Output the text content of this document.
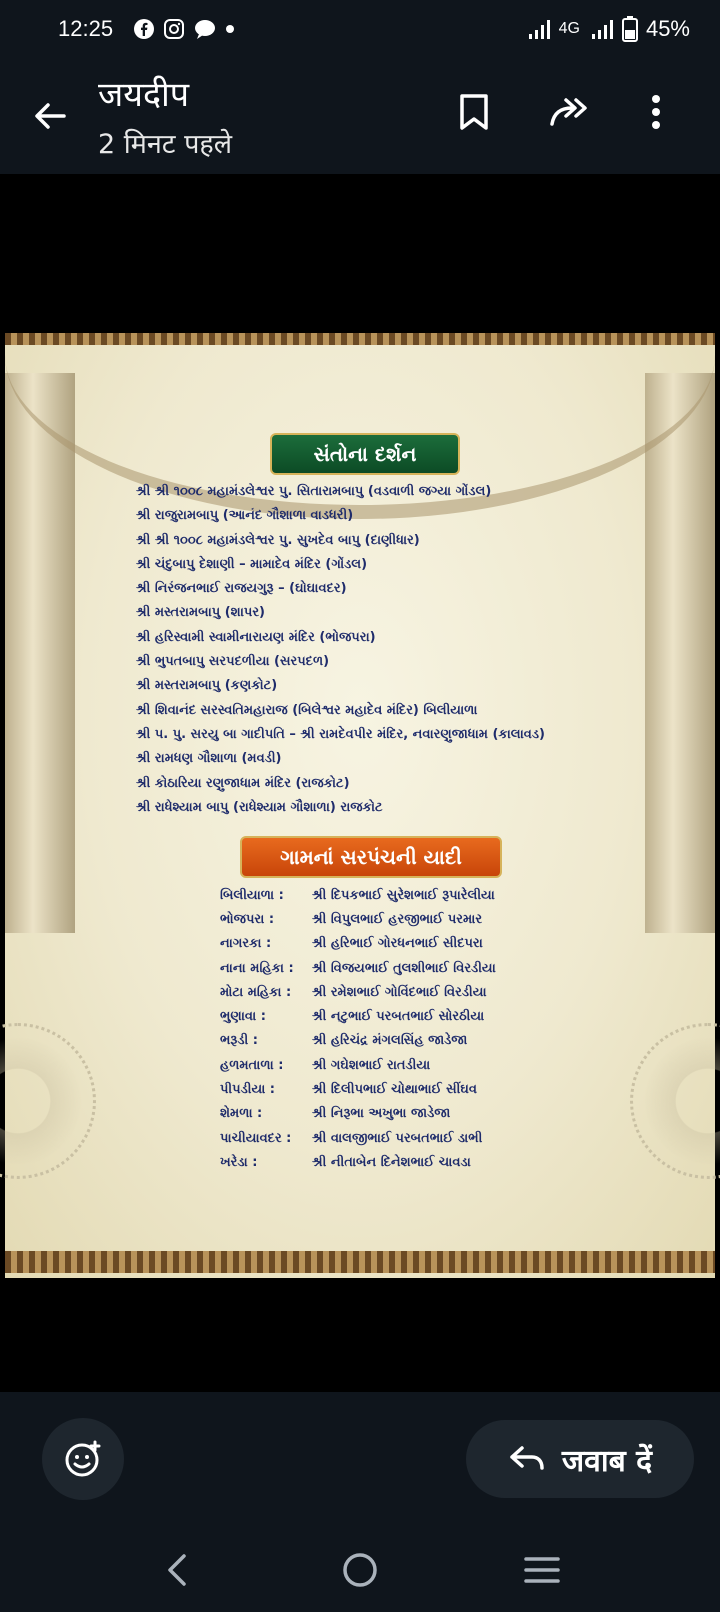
12:25	4G	45%
जयदीप
2 मिनट पहले
સંતોના દર્શન
શ્રી શ્રી ૧૦૦૮ મહામંડલેશ્વર પુ. સિતારામબાપુ (વડવાળી જગ્યા ગોંડલ)
શ્રી રાજુરામબાપુ (આનંદ ગૌશાળા વાડધરી)
શ્રી શ્રી ૧૦૦૮ મહામંડલેશ્વર પુ. સુખદેવ બાપુ (દાણીધાર)
શ્રી ચંદુબાપુ દેશાણી – મામાદેવ મંદિર (ગોંડલ)
શ્રી નિરંજનભાઈ રાજયગુરૂ – (ઘોઘાવદર)
શ્રી મસ્તરામબાપુ (શાપર)
શ્રી હરિસ્વામી સ્વામીનારાયણ મંદિર (ભોજપરા)
શ્રી ભુપતબાપુ સરપદળીયા (સરપદળ)
શ્રી મસ્તરામબાપુ (કણકોટ)
શ્રી શિવાનંદ સરસ્વતિમહારાજ (બિલેશ્વર મહાદેવ મંદિર) બિલીયાળા
શ્રી પ. પુ. સરયુ બા ગાદીપતિ – શ્રી રામદેવપીર મંદિર, નવારણુજાધામ (કાલાવડ)
શ્રી રામધણ ગૌશાળા (મવડી)
શ્રી કોઠારિયા રણુજાધામ મંદિર (રાજકોટ)
શ્રી રાધેશ્યામ બાપુ (રાધેશ્યામ ગૌશાળા) રાજકોટ
ગામનાં સરપંચની યાદી
બિલીયાળા :	શ્રી દિપકભાઈ સુરેશભાઈ રૂપારેલીયા
ભોજપરા :	શ્રી વિપુલભાઈ હરજીભાઈ પરમાર
નાગરકા :	શ્રી હરિભાઈ ગોરધનભાઈ સીદપરા
નાના મહિકા :	શ્રી વિજયભાઈ તુલશીભાઈ વિરડીયા
મોટા મહિકા :	શ્રી રમેશભાઈ ગોવિંદભાઈ વિરડીયા
ભુણાવા :	શ્રી નટુભાઈ પરબતભાઈ સોરઠીયા
ભરૂડી :	શ્રી હરિચંદ્ર મંગલસિંહ જાડેજા
હળમતાળા :	શ્રી ગઘેશભાઈ રાતડીયા
પીપડીયા :	શ્રી દિલીપભાઈ ચોથાભાઈ સીંઘવ
શેમળા :	શ્રી નિરૂભા અખુભા જાડેજા
પાચીયાવદર :	શ્રી વાલજીભાઈ પરબતભાઈ ડાભી
ખરેડા :	શ્રી નીતાબેન દિનેશભાઈ ચાવડા
जवाब दें
